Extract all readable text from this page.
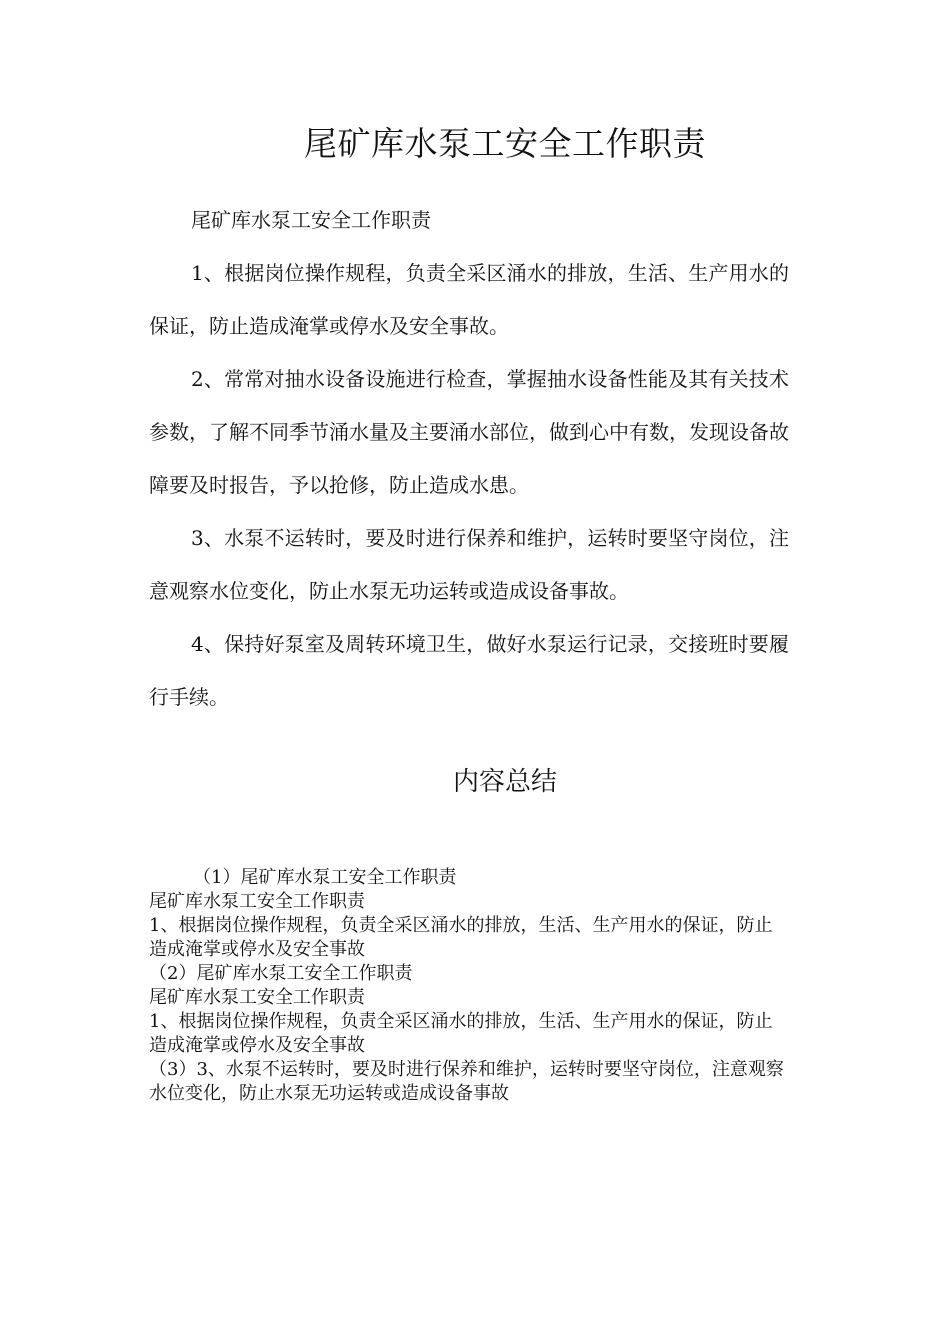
尾矿库水泵工安全工作职责

尾矿库水泵工安全工作职责

1、根据岗位操作规程，负责全采区涌水的排放，生活、生产用水的保证，防止造成淹掌或停水及安全事故。

2、常常对抽水设备设施进行检查，掌握抽水设备性能及其有关技术参数，了解不同季节涌水量及主要涌水部位，做到心中有数，发现设备故障要及时报告，予以抢修，防止造成水患。

3、水泵不运转时，要及时进行保养和维护，运转时要坚守岗位，注意观察水位变化，防止水泵无功运转或造成设备事故。

4、保持好泵室及周转环境卫生，做好水泵运行记录，交接班时要履行手续。

内容总结

（1）尾矿库水泵工安全工作职责

尾矿库水泵工安全工作职责

1、根据岗位操作规程，负责全采区涌水的排放，生活、生产用水的保证，防止造成淹掌或停水及安全事故

（2）尾矿库水泵工安全工作职责

尾矿库水泵工安全工作职责

1、根据岗位操作规程，负责全采区涌水的排放，生活、生产用水的保证，防止造成淹掌或停水及安全事故

（3）3、水泵不运转时，要及时进行保养和维护，运转时要坚守岗位，注意观察水位变化，防止水泵无功运转或造成设备事故
